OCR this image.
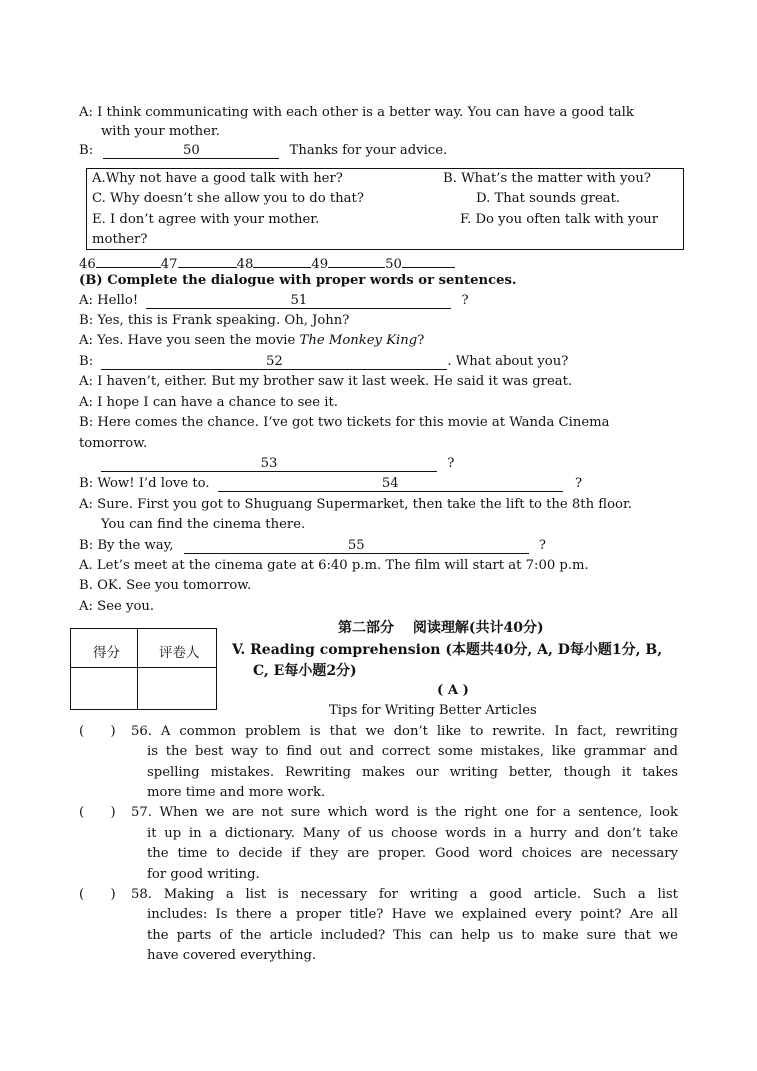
A: I think communicating with each other is a better way. You can have a good talk
with your mother.
B:	50	Thanks for your advice.
A.Why not have a good talk with her?	B. What’s the matter with you?
C. Why doesn’t she allow you to do that?	D. That sounds great.
E. I don’t agree with your mother.	F. Do you often talk with your
mother?
46	47	48	49	50
(B) Complete the dialogue with proper words or sentences.
A: Hello!	51	?
B: Yes, this is Frank speaking. Oh, John?
A: Yes. Have you seen the movie The Monkey King?
B:	52	. What about you?
A: I haven’t, either. But my brother saw it last week. He said it was great.
A: I hope I can have a chance to see it.
B: Here comes the chance. I’ve got two tickets for this movie at Wanda Cinema
tomorrow.
53	?
B: Wow! I’d love to.	54	?
A: Sure. First you got to Shuguang Supermarket, then take the lift to the 8th floor.
You can find the cinema there.
B: By the way,	55	?
A. Let’s meet at the cinema gate at 6:40 p.m. The film will start at 7:00 p.m.
B. OK. See you tomorrow.
A: See you.
第二部分　 阅读理解(共计40分)
得分	评卷人 V. Reading comprehension (本题共40分, A, D每小题1分, B,
C, E每小题2分)
( A )
Tips for Writing Better Articles
(　　) 56. A common problem is that we don’t like to rewrite. In fact, rewriting
is the best way to find out and correct some mistakes, like grammar and
spelling mistakes. Rewriting makes our writing better, though it takes
more time and more work.
(　　) 57. When we are not sure which word is the right one for a sentence, look
it up in a dictionary. Many of us choose words in a hurry and don’t take
the time to decide if they are proper. Good word choices are necessary
for good writing.
(　　) 58. Making a list is necessary for writing a good article. Such a list
includes: Is there a proper title? Have we explained every point? Are all
the parts of the article included? This can help us to make sure that we
have covered everything.
